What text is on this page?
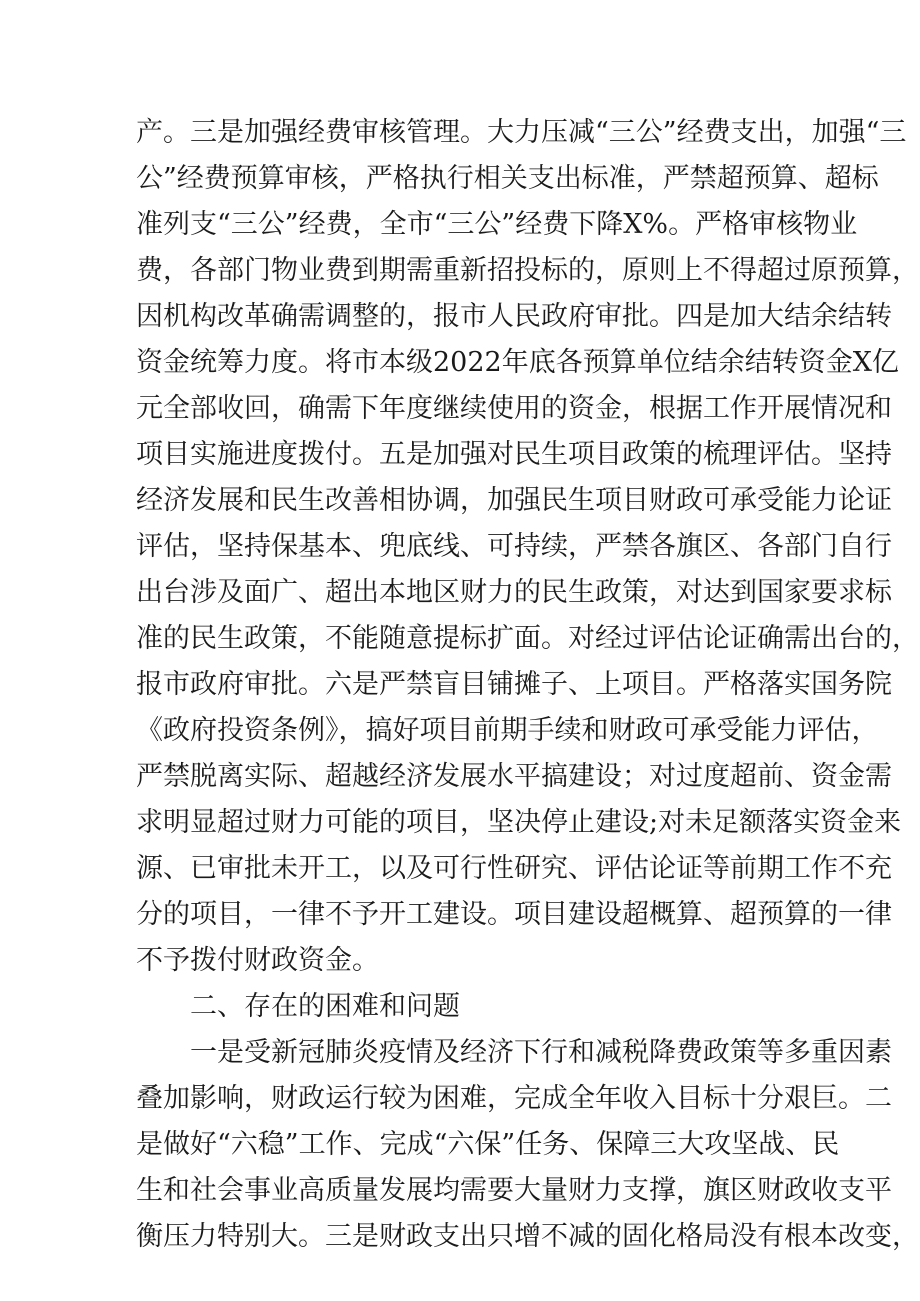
产。三是加强经费审核管理。大力压减“三公”经费支出，加强“三
公”经费预算审核，严格执行相关支出标准，严禁超预算、超标
准列支“三公”经费，全市“三公”经费下降X%。严格审核物业
费，各部门物业费到期需重新招投标的，原则上不得超过原预算，
因机构改革确需调整的，报市人民政府审批。四是加大结余结转
资金统筹力度。将市本级2022年底各预算单位结余结转资金X亿
元全部收回，确需下年度继续使用的资金，根据工作开展情况和
项目实施进度拨付。五是加强对民生项目政策的梳理评估。坚持
经济发展和民生改善相协调，加强民生项目财政可承受能力论证
评估，坚持保基本、兜底线、可持续，严禁各旗区、各部门自行
出台涉及面广、超出本地区财力的民生政策，对达到国家要求标
准的民生政策，不能随意提标扩面。对经过评估论证确需出台的，
报市政府审批。六是严禁盲目铺摊子、上项目。严格落实国务院
《政府投资条例》，搞好项目前期手续和财政可承受能力评估，
严禁脱离实际、超越经济发展水平搞建设；对过度超前、资金需
求明显超过财力可能的项目，坚决停止建设;对未足额落实资金来
源、已审批未开工，以及可行性研究、评估论证等前期工作不充
分的项目，一律不予开工建设。项目建设超概算、超预算的一律
不予拨付财政资金。
二、存在的困难和问题
一是受新冠肺炎疫情及经济下行和减税降费政策等多重因素
叠加影响，财政运行较为困难，完成全年收入目标十分艰巨。二
是做好“六稳”工作、完成“六保”任务、保障三大攻坚战、民
生和社会事业高质量发展均需要大量财力支撑，旗区财政收支平
衡压力特别大。三是财政支出只增不减的固化格局没有根本改变，
